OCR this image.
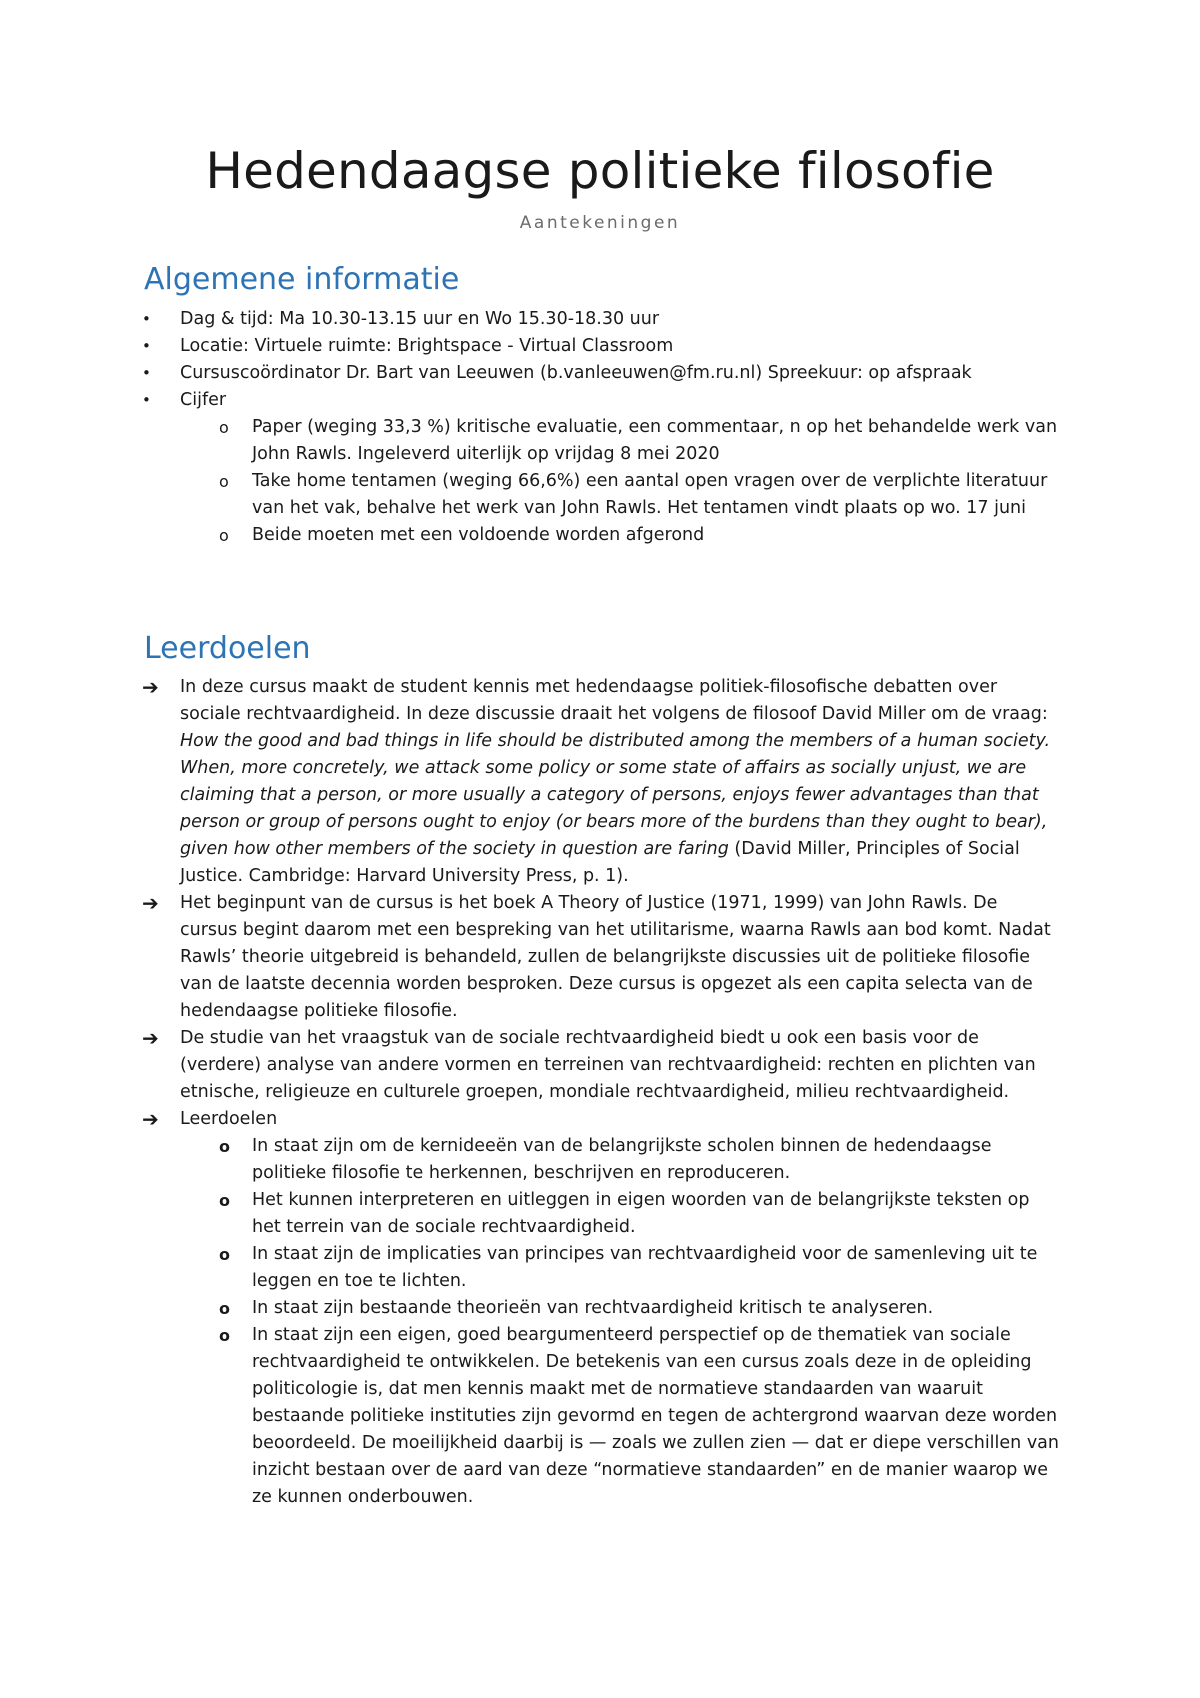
Hedendaagse politieke filosofie
Aantekeningen
Algemene informatie
• Dag & tijd: Ma 10.30-13.15 uur en Wo 15.30-18.30 uur
• Locatie: Virtuele ruimte: Brightspace - Virtual Classroom
• Cursuscoördinator Dr. Bart van Leeuwen (b.vanleeuwen@fm.ru.nl) Spreekuur: op afspraak
• Cijfer
o Paper (weging 33,3 %) kritische evaluatie, een commentaar, n op het behandelde werk van John Rawls. Ingeleverd uiterlijk op vrijdag 8 mei 2020
o Take home tentamen (weging 66,6%) een aantal open vragen over de verplichte literatuur van het vak, behalve het werk van John Rawls. Het tentamen vindt plaats op wo. 17 juni
o Beide moeten met een voldoende worden afgerond
Leerdoelen
➔ In deze cursus maakt de student kennis met hedendaagse politiek-filosofische debatten over sociale rechtvaardigheid. In deze discussie draait het volgens de filosoof David Miller om de vraag: How the good and bad things in life should be distributed among the members of a human society. When, more concretely, we attack some policy or some state of affairs as socially unjust, we are claiming that a person, or more usually a category of persons, enjoys fewer advantages than that person or group of persons ought to enjoy (or bears more of the burdens than they ought to bear), given how other members of the society in question are faring (David Miller, Principles of Social Justice. Cambridge: Harvard University Press, p. 1).
➔ Het beginpunt van de cursus is het boek A Theory of Justice (1971, 1999) van John Rawls. De cursus begint daarom met een bespreking van het utilitarisme, waarna Rawls aan bod komt. Nadat Rawls’ theorie uitgebreid is behandeld, zullen de belangrijkste discussies uit de politieke filosofie van de laatste decennia worden besproken. Deze cursus is opgezet als een capita selecta van de hedendaagse politieke filosofie.
➔ De studie van het vraagstuk van de sociale rechtvaardigheid biedt u ook een basis voor de (verdere) analyse van andere vormen en terreinen van rechtvaardigheid: rechten en plichten van etnische, religieuze en culturele groepen, mondiale rechtvaardigheid, milieu rechtvaardigheid.
➔ Leerdoelen
o In staat zijn om de kernideeën van de belangrijkste scholen binnen de hedendaagse politieke filosofie te herkennen, beschrijven en reproduceren.
o Het kunnen interpreteren en uitleggen in eigen woorden van de belangrijkste teksten op het terrein van de sociale rechtvaardigheid.
o In staat zijn de implicaties van principes van rechtvaardigheid voor de samenleving uit te leggen en toe te lichten.
o In staat zijn bestaande theorieën van rechtvaardigheid kritisch te analyseren.
o In staat zijn een eigen, goed beargumenteerd perspectief op de thematiek van sociale rechtvaardigheid te ontwikkelen. De betekenis van een cursus zoals deze in de opleiding politicologie is, dat men kennis maakt met de normatieve standaarden van waaruit bestaande politieke instituties zijn gevormd en tegen de achtergrond waarvan deze worden beoordeeld. De moeilijkheid daarbij is — zoals we zullen zien — dat er diepe verschillen van inzicht bestaan over de aard van deze “normatieve standaarden” en de manier waarop we ze kunnen onderbouwen.
